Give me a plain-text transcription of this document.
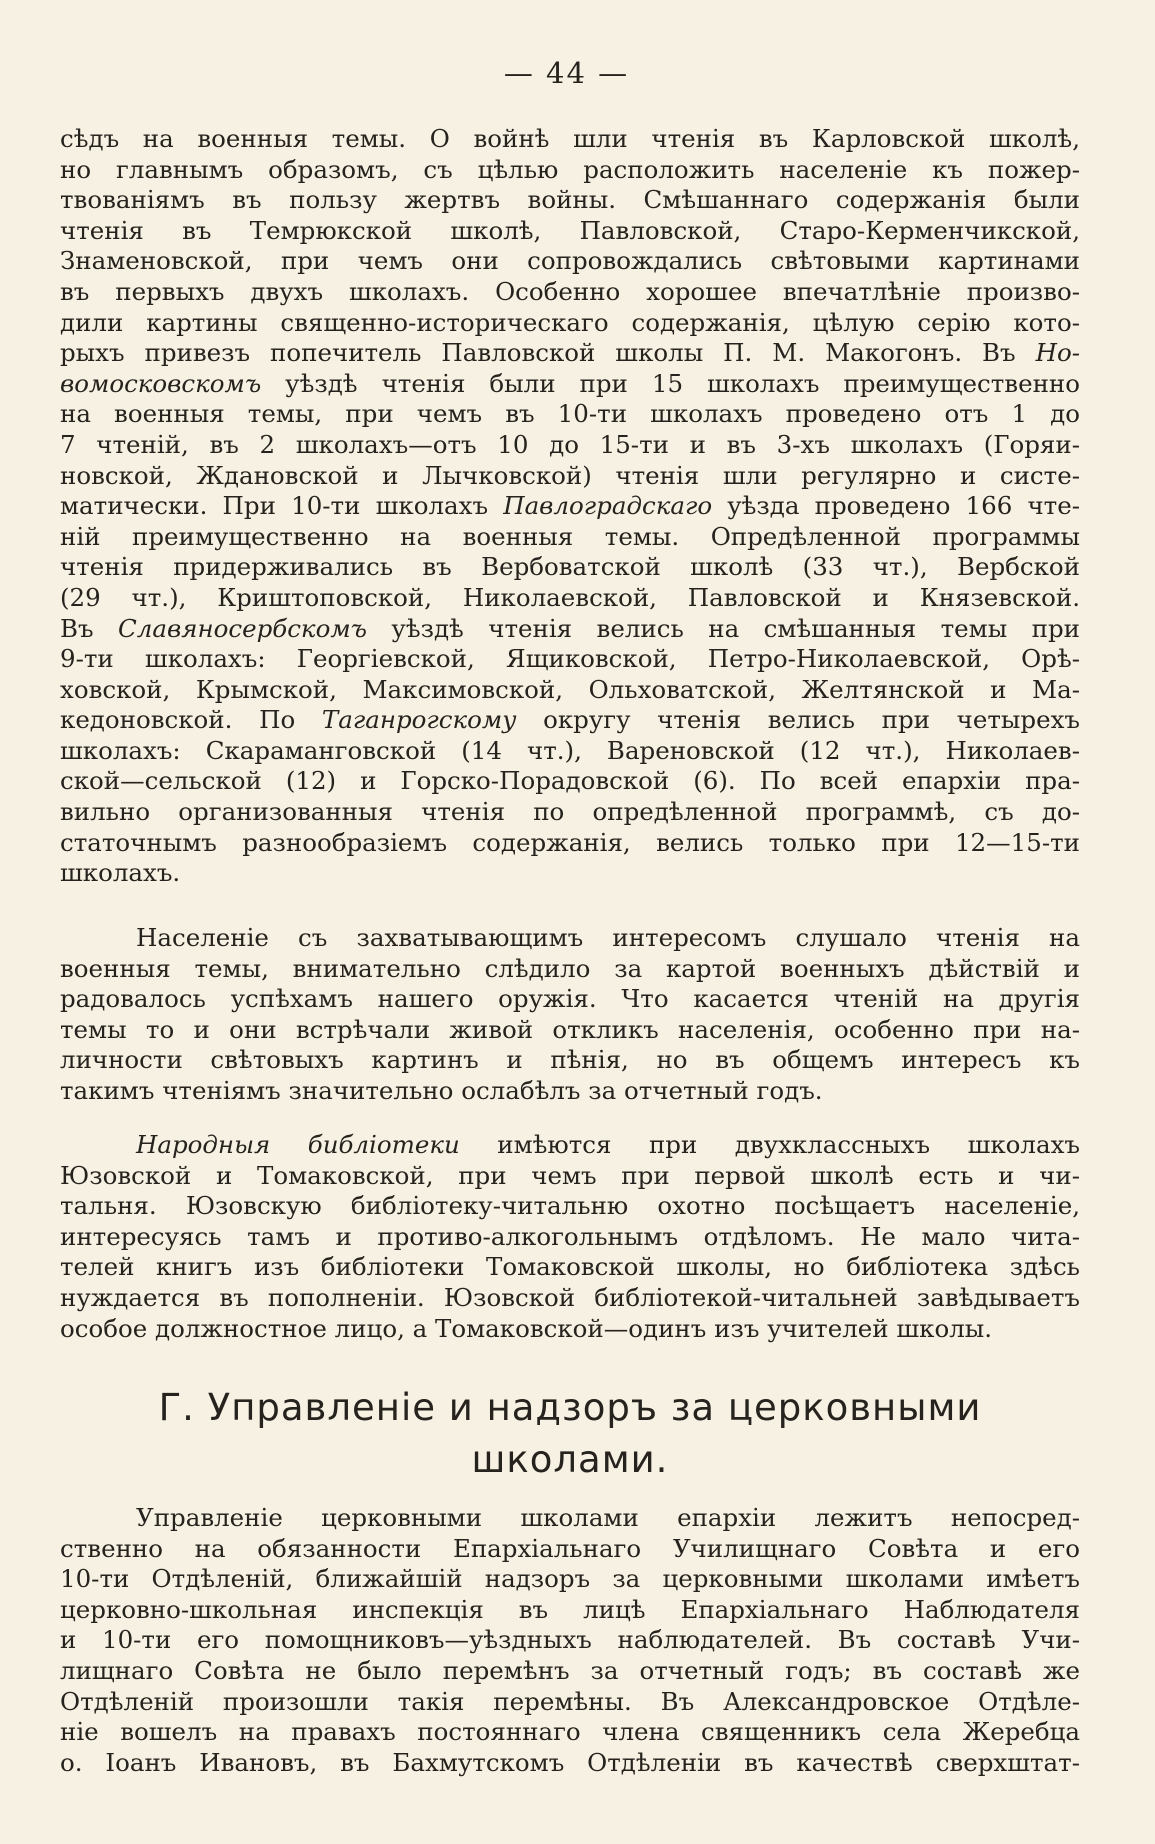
— 44 —
сѣдъ на военныя темы. О войнѣ шли чтенія въ Карловской школѣ,
но главнымъ образомъ, съ цѣлью расположить населеніе къ пожер-
твованіямъ въ пользу жертвъ войны. Смѣшаннаго содержанія были
чтенія въ Темрюкской школѣ, Павловской, Старо-Керменчикской,
Знаменовской, при чемъ они сопровождались свѣтовыми картинами
въ первыхъ двухъ школахъ. Особенно хорошее впечатлѣніе произво-
дили картины священно-историческаго содержанія, цѣлую серію кото-
рыхъ привезъ попечитель Павловской школы П. М. Макогонъ. Въ Но-
вомосковскомъ уѣздѣ чтенія были при 15 школахъ преимущественно
на военныя темы, при чемъ въ 10-ти школахъ проведено отъ 1 до
7 чтеній, въ 2 школахъ—отъ 10 до 15-ти и въ 3-хъ школахъ (Горяи-
новской, Ждановской и Лычковской) чтенія шли регулярно и систе-
матически. При 10-ти школахъ Павлоградскаго уѣзда проведено 166 чте-
ній преимущественно на военныя темы. Опредѣленной программы
чтенія придерживались въ Вербоватской школѣ (33 чт.), Вербской
(29 чт.), Криштоповской, Николаевской, Павловской и Князевской.
Въ Славяносербскомъ уѣздѣ чтенія велись на смѣшанныя темы при
9-ти школахъ: Георгіевской, Ящиковской, Петро-Николаевской, Орѣ-
ховской, Крымской, Максимовской, Ольховатской, Желтянской и Ма-
кедоновской. По Таганрогскому округу чтенія велись при четырехъ
школахъ: Скараманговской (14 чт.), Вареновской (12 чт.), Николаев-
ской—сельской (12) и Горско-Порадовской (6). По всей епархіи пра-
вильно организованныя чтенія по опредѣленной программѣ, съ до-
статочнымъ разнообразіемъ содержанія, велись только при 12—15-ти
школахъ.
Населеніе съ захватывающимъ интересомъ слушало чтенія на
военныя темы, внимательно слѣдило за картой военныхъ дѣйствій и
радовалось успѣхамъ нашего оружія. Что касается чтеній на другія
темы то и они встрѣчали живой откликъ населенія, особенно при на-
личности свѣтовыхъ картинъ и пѣнія, но въ общемъ интересъ къ
такимъ чтеніямъ значительно ослабѣлъ за отчетный годъ.
Народныя библіотеки имѣются при двухклассныхъ школахъ
Юзовской и Томаковской, при чемъ при первой школѣ есть и чи-
тальня. Юзовскую библіотеку-читальню охотно посѣщаетъ населеніе,
интересуясь тамъ и противо-алкогольнымъ отдѣломъ. Не мало чита-
телей книгъ изъ библіотеки Томаковской школы, но библіотека здѣсь
нуждается въ пополненіи. Юзовской библіотекой-читальней завѣдываетъ
особое должностное лицо, а Томаковской—одинъ изъ учителей школы.
Г. Управленіе и надзоръ за церковными
школами.
Управленіе церковными школами епархіи лежитъ непосред-
ственно на обязанности Епархіальнаго Училищнаго Совѣта и его
10-ти Отдѣленій, ближайшій надзоръ за церковными школами имѣетъ
церковно-школьная инспекція въ лицѣ Епархіальнаго Наблюдателя
и 10-ти его помощниковъ—уѣздныхъ наблюдателей. Въ составѣ Учи-
лищнаго Совѣта не было перемѣнъ за отчетный годъ; въ составѣ же
Отдѣленій произошли такія перемѣны. Въ Александровское Отдѣле-
ніе вошелъ на правахъ постояннаго члена священникъ села Жеребца
о. Іоанъ Ивановъ, въ Бахмутскомъ Отдѣленіи въ качествѣ сверхштат-
